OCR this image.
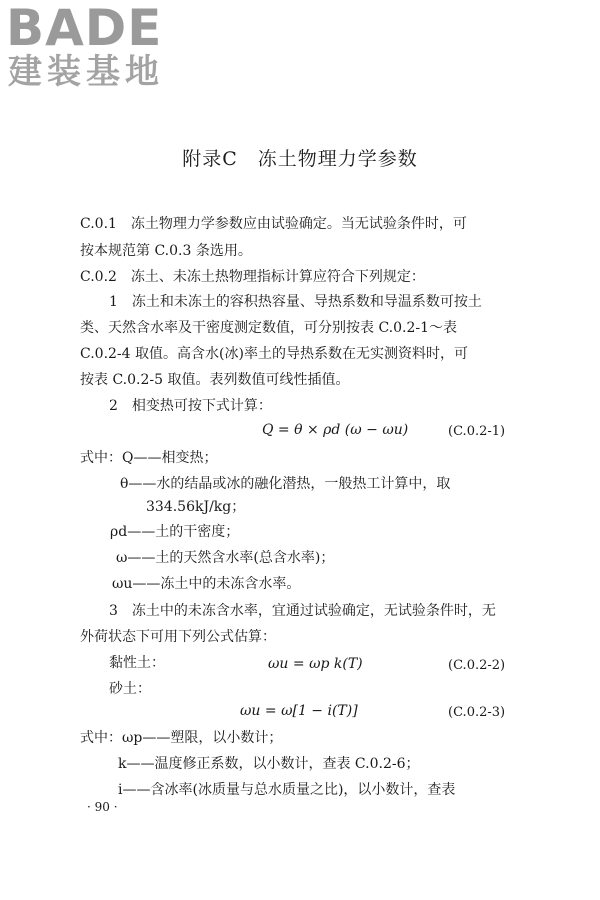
BADE
建装基地
附录C　冻土物理力学参数
C.0.1　冻土物理力学参数应由试验确定。当无试验条件时，可
按本规范第 C.0.3 条选用。
C.0.2　冻土、未冻土热物理指标计算应符合下列规定：
1　冻土和未冻土的容积热容量、导热系数和导温系数可按土
类、天然含水率及干密度测定数值，可分别按表 C.0.2-1～表
C.0.2-4 取值。高含水(冰)率土的导热系数在无实测资料时，可
按表 C.0.2-5 取值。表列数值可线性插值。
2　相变热可按下式计算：
Q = θ × ρd (ω − ωu)	(C.0.2-1)
式中：Q——相变热；
θ——水的结晶或冰的融化潜热，一般热工计算中，取
334.56kJ/kg；
ρd——土的干密度；
ω——土的天然含水率(总含水率)；
ωu——冻土中的未冻含水率。
3　冻土中的未冻含水率，宜通过试验确定，无试验条件时，无
外荷状态下可用下列公式估算：
黏性土：	ωu = ωp k(T)	(C.0.2-2)
砂土：
ωu = ω[1 − i(T)]	(C.0.2-3)
式中：ωp——塑限，以小数计；
k——温度修正系数，以小数计，查表 C.0.2-6；
i——含冰率(冰质量与总水质量之比)，以小数计，查表
· 90 ·
